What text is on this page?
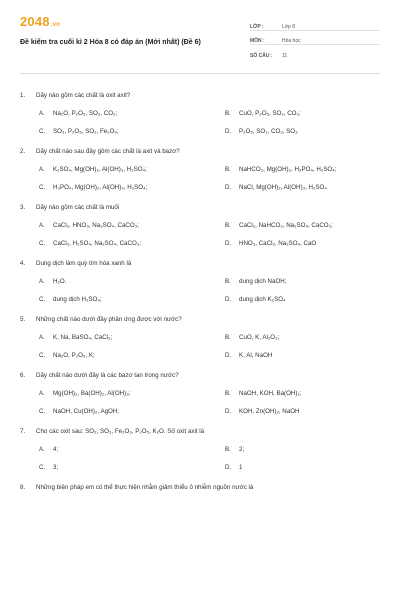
2048.vn
Đề kiểm tra cuối kì 2 Hóa 8 có đáp án (Mới nhất) (Đề 6)
LỚP :	Lớp 8
MÔN :	Hóa học
SỐ CÂU :	11
1.	Dãy nào gồm các chất là oxit axit?
A.	Na₂O, P₂O₅, SO₃, CO₂;	B.	CuO, P₂O₅, SO₂, CO₂;
C.	SO₃, P₂O₅, SO₂, Fe₂O₃;	D.	P₂O₅, SO₂, CO₂, SO₃
2.	Dãy chất nào sau đây gồm các chất là axit và bazơ?
A.	K₂SO₄, Mg(OH)₂, Al(OH)₃, H₂SO₄;	B.	NaHCO₃, Mg(OH)₂, H₃PO₄, H₂SO₄;
C.	H₃PO₄, Mg(OH)₂, Al(OH)₃, H₂SO₄;	D.	NaCl, Mg(OH)₂, Al(OH)₃, H₂SO₄
3.	Dãy nào gồm các chất là muối
A.	CaCl₂, HNO₃, Na₂SO₄, CaCO₃;	B.	CaCl₂, NaHCO₃, Na₂SO₄, CaCO₃;
C.	CaCl₂, H₂SO₄, Na₂SO₄, CaCO₃;	D.	HNO₃, CaCl₂, Na₂SO₄, CaO
4.	Dung dịch làm quỳ tím hóa xanh là
A.	H₂O.	B.	dung dịch NaOH;
C.	dung dịch H₂SO₄;	D.	dung dịch K₂SO₄
5.	Những chất nào dưới đây phản ứng được với nước?
A.	K, Na, BaSO₄, CaCl₂;	B.	CuO, K, Al₂O₃;
C.	Na₂O, P₂O₅, K;	D.	K, Al, NaOH
6.	Dãy chất nào dưới đây là các bazơ tan trong nước?
A.	Mg(OH)₂, Ba(OH)₂, Al(OH)₃;	B.	NaOH, KOH, Ba(OH)₂;
C.	NaOH, Cu(OH)₂, AgOH;	D.	KOH, Zn(OH)₂, NaOH
7.	Cho các oxit sau: SO₂, SO₃, Fe₂O₃, P₂O₅, K₂O. Số oxit axit là
A.	4;	B.	2;
C.	3;	D.	1
8.	Những biện pháp em có thể thực hiện nhằm giảm thiểu ô nhiễm nguồn nước là
